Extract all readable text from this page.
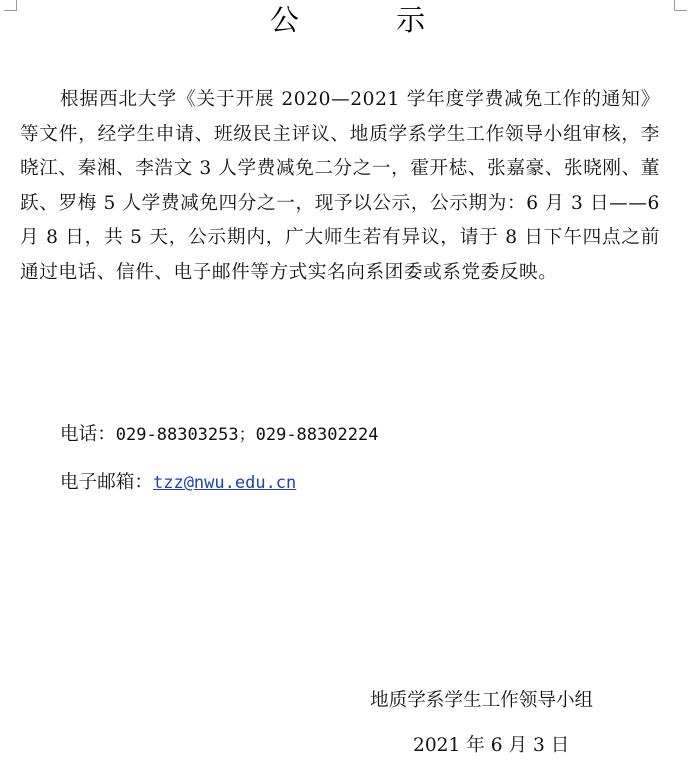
公 示

根据西北大学《关于开展 2020—2021 学年度学费减免工作的通知》等文件，经学生申请、班级民主评议、地质学系学生工作领导小组审核，李晓江、秦湘、李浩文 3 人学费减免二分之一，霍开梽、张嘉豪、张晓刚、董跃、罗梅 5 人学费减免四分之一，现予以公示，公示期为：6 月 3 日——6 月 8 日，共 5 天，公示期内，广大师生若有异议，请于 8 日下午四点之前通过电话、信件、电子邮件等方式实名向系团委或系党委反映。

电话：029-88303253；029-88302224

电子邮箱：tzz@nwu.edu.cn

地质学系学生工作领导小组

2021 年 6 月 3 日
